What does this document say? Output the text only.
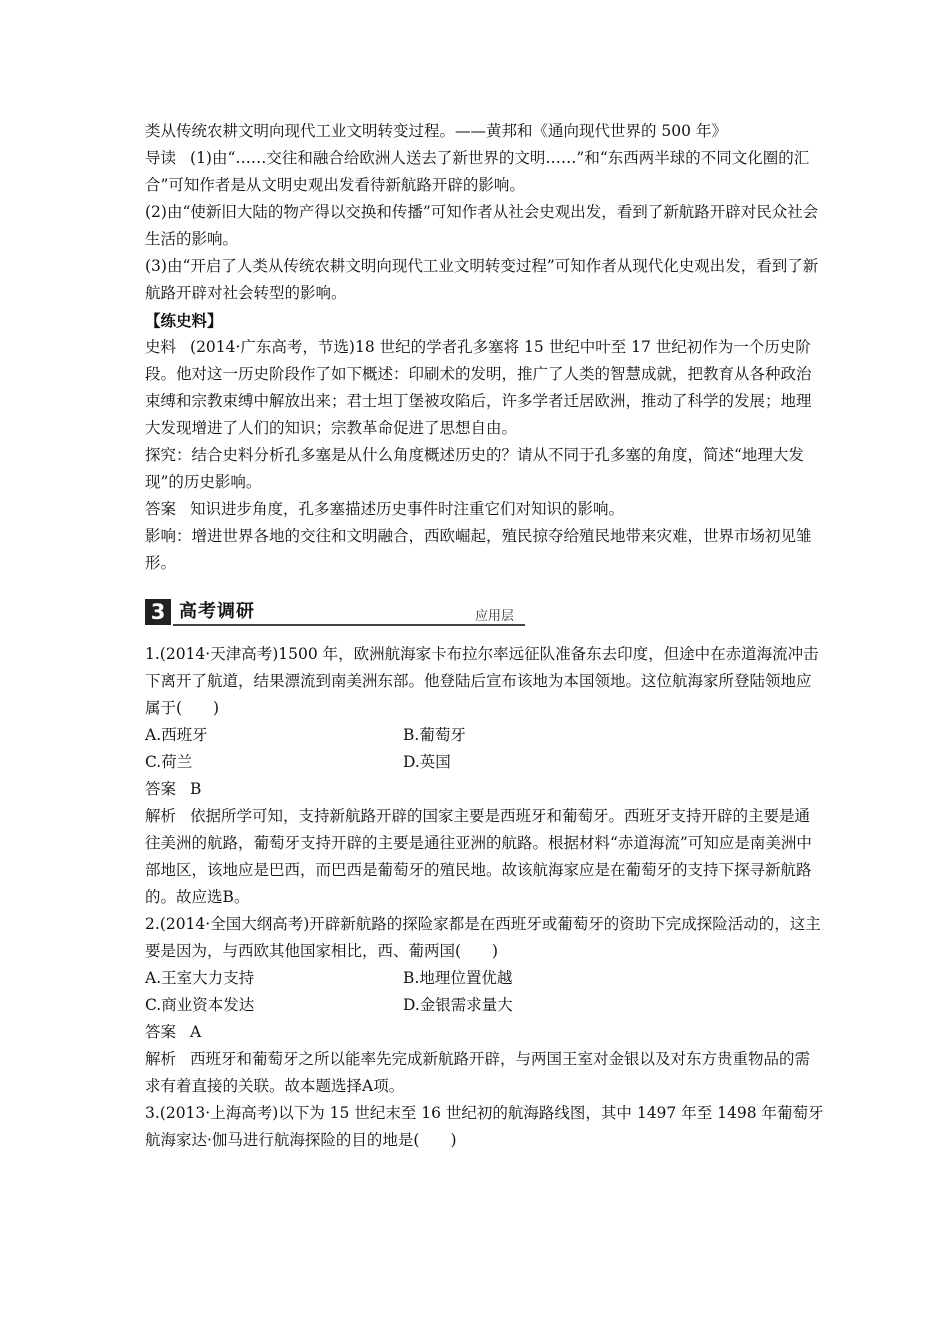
类从传统农耕文明向现代工业文明转变过程。——黄邦和《通向现代世界的 500 年》

导读 (1)由“……交往和融合给欧洲人送去了新世界的文明……”和“东西两半球的不同文化圈的汇合”可知作者是从文明史观出发看待新航路开辟的影响。

(2)由“使新旧大陆的物产得以交换和传播”可知作者从社会史观出发，看到了新航路开辟对民众社会生活的影响。

(3)由“开启了人类从传统农耕文明向现代工业文明转变过程”可知作者从现代化史观出发，看到了新航路开辟对社会转型的影响。

【练史料】

史料 (2014·广东高考，节选)18 世纪的学者孔多塞将 15 世纪中叶至 17 世纪初作为一个历史阶段。他对这一历史阶段作了如下概述：印刷术的发明，推广了人类的智慧成就，把教育从各种政治束缚和宗教束缚中解放出来；君士坦丁堡被攻陷后，许多学者迁居欧洲，推动了科学的发展；地理大发现增进了人们的知识；宗教革命促进了思想自由。

探究：结合史料分析孔多塞是从什么角度概述历史的？请从不同于孔多塞的角度，简述“地理大发现”的历史影响。

答案 知识进步角度，孔多塞描述历史事件时注重它们对知识的影响。

影响：增进世界各地的交往和文明融合，西欧崛起，殖民掠夺给殖民地带来灾难，世界市场初见雏形。

3 高考调研	应用层

1.(2014·天津高考)1500 年，欧洲航海家卡布拉尔率远征队准备东去印度，但途中在赤道海流冲击下离开了航道，结果漂流到南美洲东部。他登陆后宣布该地为本国领地。这位航海家所登陆领地应属于(　　)

A.西班牙	B.葡萄牙
C.荷兰	D.英国

答案 B

解析 依据所学可知，支持新航路开辟的国家主要是西班牙和葡萄牙。西班牙支持开辟的主要是通往美洲的航路，葡萄牙支持开辟的主要是通往亚洲的航路。根据材料“赤道海流”可知应是南美洲中部地区，该地应是巴西，而巴西是葡萄牙的殖民地。故该航海家应是在葡萄牙的支持下探寻新航路的。故应选B。

2.(2014·全国大纲高考)开辟新航路的探险家都是在西班牙或葡萄牙的资助下完成探险活动的，这主要是因为，与西欧其他国家相比，西、葡两国(　　)

A.王室大力支持	B.地理位置优越
C.商业资本发达	D.金银需求量大

答案 A

解析 西班牙和葡萄牙之所以能率先完成新航路开辟，与两国王室对金银以及对东方贵重物品的需求有着直接的关联。故本题选择A项。

3.(2013·上海高考)以下为 15 世纪末至 16 世纪初的航海路线图，其中 1497 年至 1498 年葡萄牙航海家达·伽马进行航海探险的目的地是(　　)
